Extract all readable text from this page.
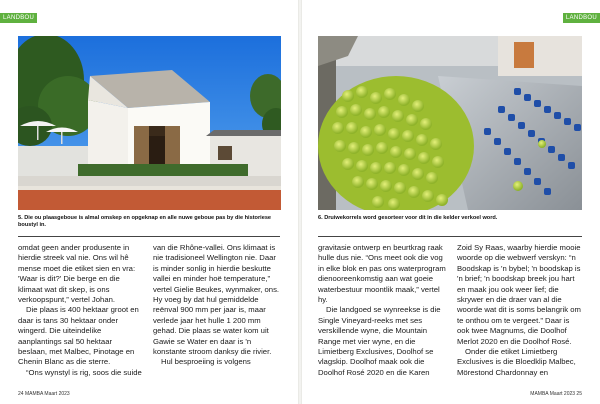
LANDBOU
5. Die ou plaasgeboue is almal omskep en opgeknap en alle nuwe geboue pas by die historiese boustyl in.

omdat geen ander produsente in hierdie streek val nie. Ons wil hê mense moet die etiket sien en vra: 'Waar is dit?' Die berge en die klimaat wat dit skep, is ons verkoopspunt,” vertel Johan.

Die plaas is 400 hektaar groot en daar is tans 30 hektaar onder wingerd. Die uiteindelike aanplantings sal 50 hektaar beslaan, met Malbec, Pinotage en Chenin Blanc as die sterre.

“Ons wynstyl is rig, soos die suide

van die Rhône-vallei. Ons klimaat is nie tradisioneel Wellington nie. Daar is minder sonlig in hierdie beskutte vallei en minder hoë temperature,” vertel Gielie Beukes, wynmaker, ons. Hy voeg by dat hul gemiddelde reënval 900 mm per jaar is, maar verlede jaar het hulle 1 200 mm gehad. Die plaas se water kom uit Gawie se Water en daar is 'n konstante stroom danksy die rivier.

Hul besproeiing is volgens

24 MAMBA Maart 2023
LANDBOU
6. Druiwekorrels word gesorteer voor dit in die kelder verkoel word.

gravitasie ontwerp en beurtkrag raak hulle dus nie. “Ons meet ook die vog in elke blok en pas ons waterprogram dienooreenkomstig aan wat goeie waterbestuur moontlik maak,” vertel hy.

Die landgoed se wynreekse is die Single Vineyard-reeks met ses verskillende wyne, die Mountain Range met vier wyne, en die Limietberg Exclusives, Doolhof se vlagskip. Doolhof maak ook die Doolhof Rosé 2020 en die Karen

Zoid Sy Raas, waarby hierdie mooie woorde op die webwerf verskyn: “n Boodskap is 'n bybel; 'n boodskap is 'n brief; 'n boodskap breek jou hart en maak jou ook weer lief; die skrywer en die draer van al die woorde wat dit is soms belangrik om te onthou om te vergeet.” Daar is ook twee Magnums, die Doolhof Merlot 2020 en die Doolhof Rosé.

Onder die etiket Limietberg Exclusives is die Bloedklip Malbec, Mörestond Chardonnay en

MAMBA Maart 2023 25
